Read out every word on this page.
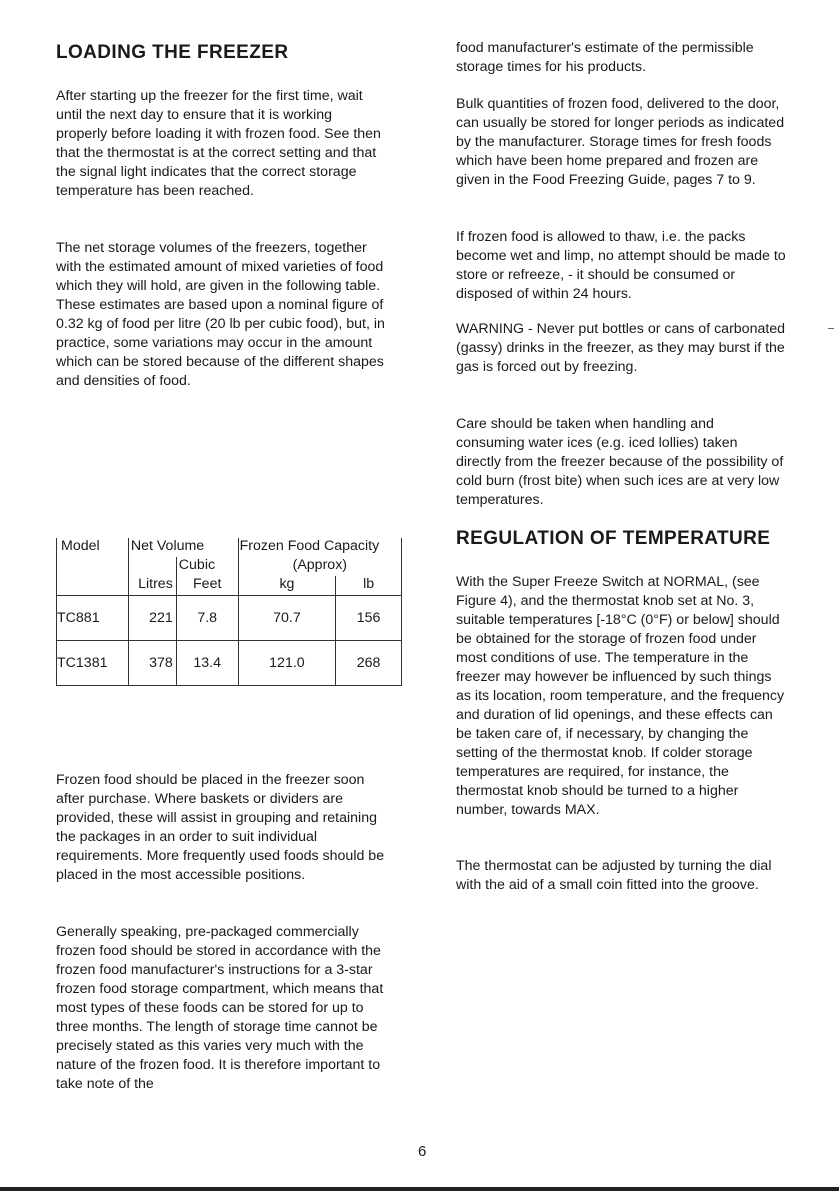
LOADING THE FREEZER

After starting up the freezer for the first time, wait until the next day to ensure that it is working properly before loading it with frozen food. See then that the thermostat is at the correct setting and that the signal light indicates that the correct storage temperature has been reached.

The net storage volumes of the freezers, together with the estimated amount of mixed varieties of food which they will hold, are given in the following table. These estimates are based upon a nominal figure of 0.32 kg of food per litre (20 lb per cubic food), but, in practice, some variations may occur in the amount which can be stored because of the different shapes and densities of food.

Frozen food should be placed in the freezer soon after purchase. Where baskets or dividers are provided, these will assist in grouping and retaining the packages in an order to suit individual requirements. More frequently used foods should be placed in the most accessible positions.

Generally speaking, pre-packaged commercially frozen food should be stored in accordance with the frozen food manufacturer's instructions for a 3-star frozen food storage compartment, which means that most types of these foods can be stored for up to three months. The length of storage time cannot be precisely stated as this varies very much with the nature of the frozen food. It is therefore important to take note of the

Model	Net Volume		Frozen Food Capacity	
		Cubic	(Approx)	
	Litres	Feet	kg	lb
TC881	221	7.8	70.7	156
TC1381	378	13.4	121.0	268

food manufacturer's estimate of the permissible storage times for his products.

Bulk quantities of frozen food, delivered to the door, can usually be stored for longer periods as indicated by the manufacturer. Storage times for fresh foods which have been home prepared and frozen are given in the Food Freezing Guide, pages 7 to 9.

If frozen food is allowed to thaw, i.e. the packs become wet and limp, no attempt should be made to store or refreeze, - it should be consumed or disposed of within 24 hours.

WARNING - Never put bottles or cans of carbonated (gassy) drinks in the freezer, as they may burst if the gas is forced out by freezing.

Care should be taken when handling and consuming water ices (e.g. iced lollies) taken directly from the freezer because of the possibility of cold burn (frost bite) when such ices are at very low temperatures.

REGULATION OF TEMPERATURE

With the Super Freeze Switch at NORMAL, (see Figure 4), and the thermostat knob set at No. 3, suitable temperatures [-18°C (0°F) or below] should be obtained for the storage of frozen food under most conditions of use. The temperature in the freezer may however be influenced by such things as its location, room temperature, and the frequency and duration of lid openings, and these effects can be taken care of, if necessary, by changing the setting of the thermostat knob. If colder storage temperatures are required, for instance, the thermostat knob should be turned to a higher number, towards MAX.

The thermostat can be adjusted by turning the dial with the aid of a small coin fitted into the groove.

6
